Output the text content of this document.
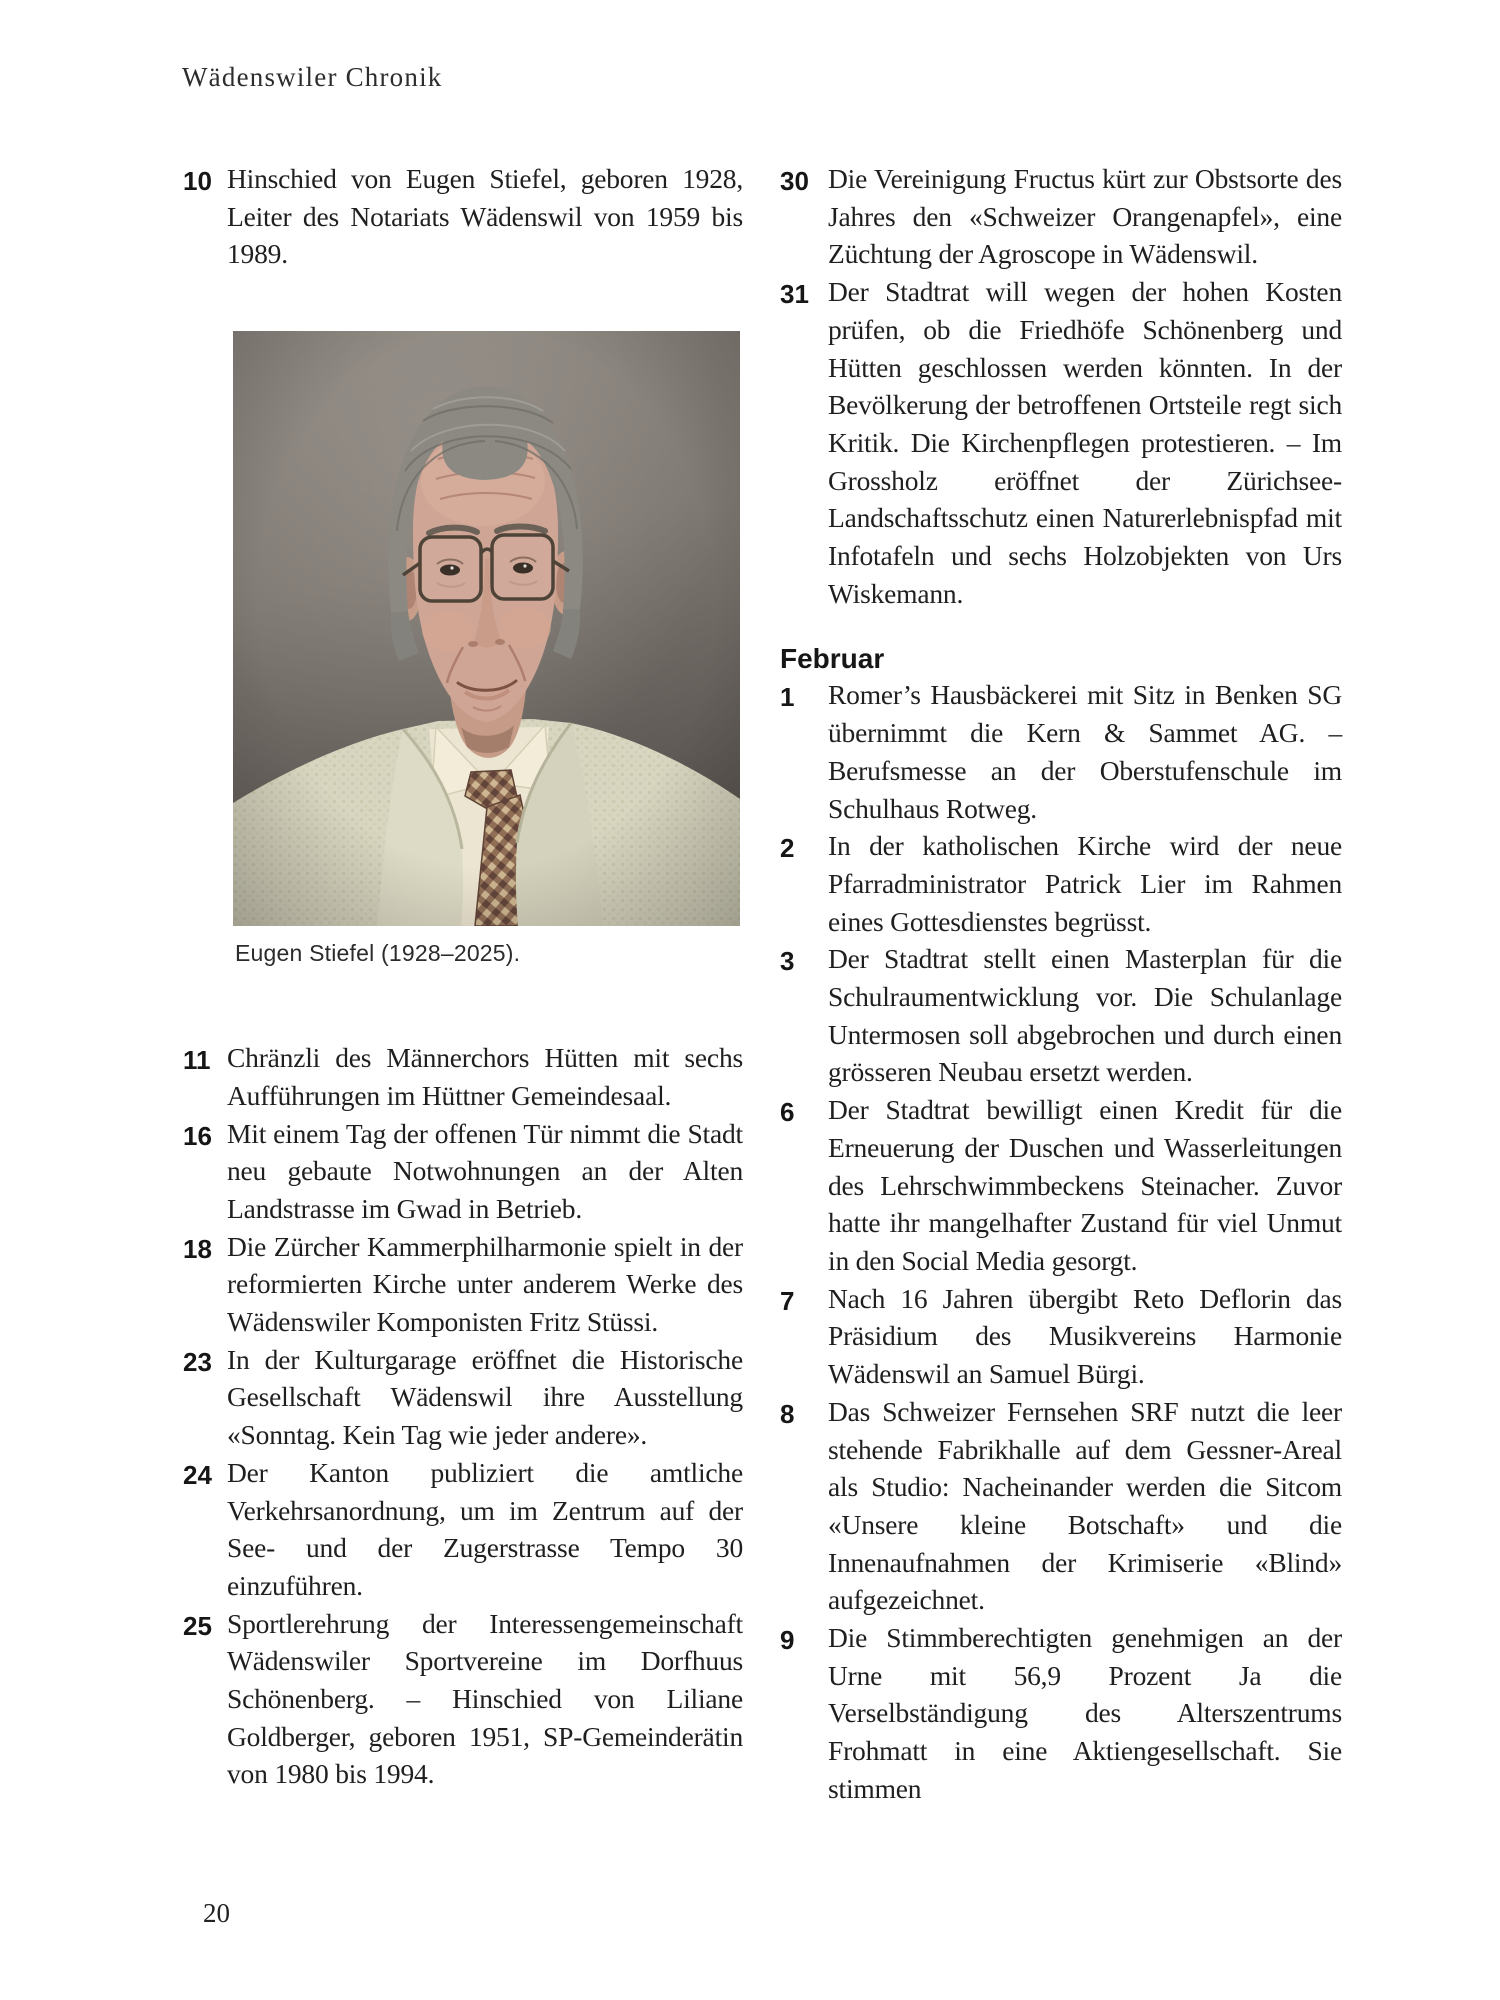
Wädenswiler Chronik
10 Hinschied von Eugen Stiefel, geboren 1928, Leiter des Notariats Wädenswil von 1959 bis 1989.
Eugen Stiefel (1928–2025).
11 Chränzli des Männerchors Hütten mit sechs Aufführungen im Hüttner Gemeindesaal.
16 Mit einem Tag der offenen Tür nimmt die Stadt neu gebaute Notwohnungen an der Alten Landstrasse im Gwad in Betrieb.
18 Die Zürcher Kammerphilharmonie spielt in der reformierten Kirche unter anderem Werke des Wädenswiler Komponisten Fritz Stüssi.
23 In der Kulturgarage eröffnet die Historische Gesellschaft Wädenswil ihre Ausstellung «Sonntag. Kein Tag wie jeder andere».
24 Der Kanton publiziert die amtliche Verkehrsanordnung, um im Zentrum auf der See- und der Zugerstrasse Tempo 30 einzuführen.
25 Sportlerehrung der Interessengemeinschaft Wädenswiler Sportvereine im Dorfhuus Schönenberg. – Hinschied von Liliane Goldberger, geboren 1951, SP-Gemeinderätin von 1980 bis 1994.
30 Die Vereinigung Fructus kürt zur Obstsorte des Jahres den «Schweizer Orangenapfel», eine Züchtung der Agroscope in Wädenswil.
31 Der Stadtrat will wegen der hohen Kosten prüfen, ob die Friedhöfe Schönenberg und Hütten geschlossen werden könnten. In der Bevölkerung der betroffenen Ortsteile regt sich Kritik. Die Kirchenpflegen protestieren. – Im Grossholz eröffnet der Zürichsee-Landschaftsschutz einen Naturerlebnispfad mit Infotafeln und sechs Holzobjekten von Urs Wiskemann.
Februar
1 Romer’s Hausbäckerei mit Sitz in Benken SG übernimmt die Kern & Sammet AG. – Berufsmesse an der Oberstufenschule im Schulhaus Rotweg.
2 In der katholischen Kirche wird der neue Pfarradministrator Patrick Lier im Rahmen eines Gottesdienstes begrüsst.
3 Der Stadtrat stellt einen Masterplan für die Schulraumentwicklung vor. Die Schulanlage Untermosen soll abgebrochen und durch einen grösseren Neubau ersetzt werden.
6 Der Stadtrat bewilligt einen Kredit für die Erneuerung der Duschen und Wasserleitungen des Lehrschwimmbeckens Steinacher. Zuvor hatte ihr mangelhafter Zustand für viel Unmut in den Social Media gesorgt.
7 Nach 16 Jahren übergibt Reto Deflorin das Präsidium des Musikvereins Harmonie Wädenswil an Samuel Bürgi.
8 Das Schweizer Fernsehen SRF nutzt die leer stehende Fabrikhalle auf dem Gessner-Areal als Studio: Nacheinander werden die Sitcom «Unsere kleine Botschaft» und die Innenaufnahmen der Krimiserie «Blind» aufgezeichnet.
9 Die Stimmberechtigten genehmigen an der Urne mit 56,9 Prozent Ja die Verselbständigung des Alterszentrums Frohmatt in eine Aktiengesellschaft. Sie stimmen
20
